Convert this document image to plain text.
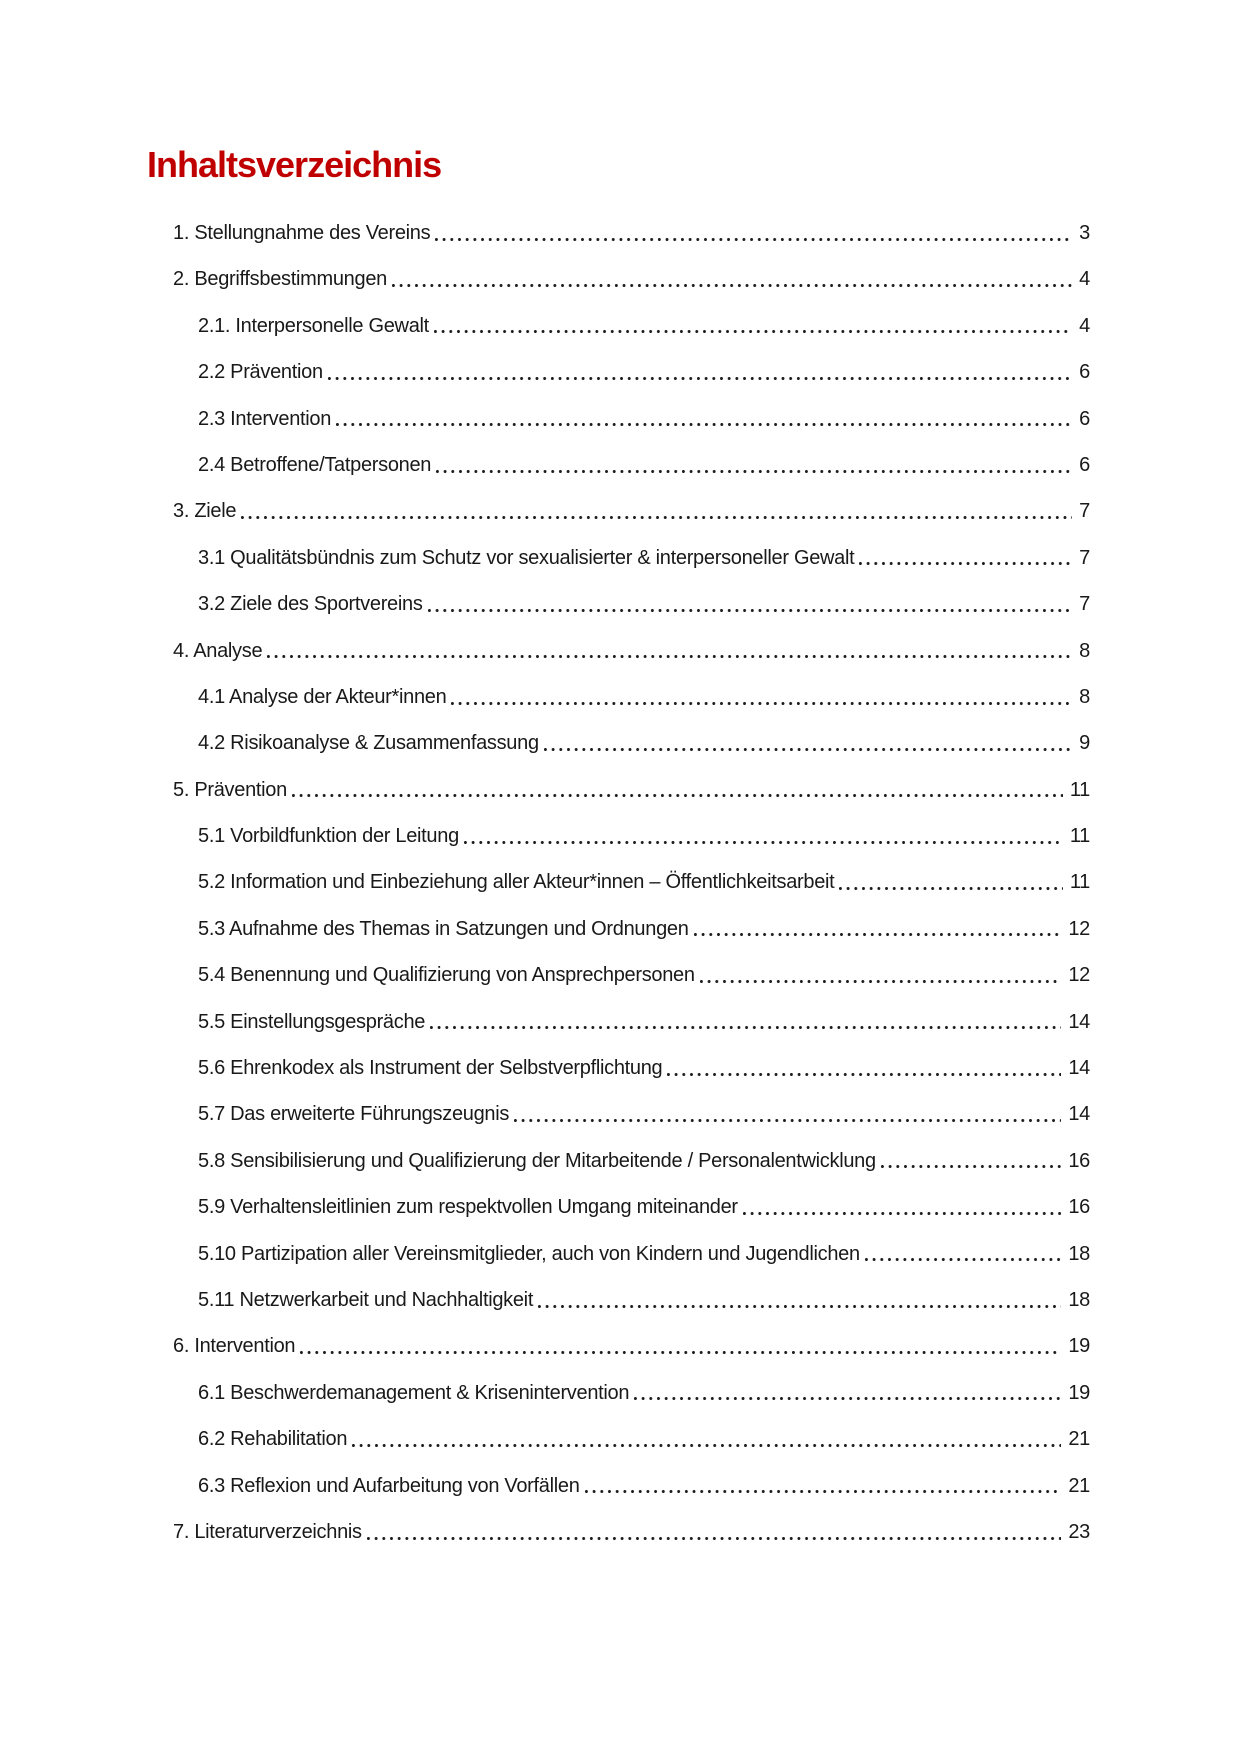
Inhaltsverzeichnis
1. Stellungnahme des Vereins	3
2. Begriffsbestimmungen	4
2.1. Interpersonelle Gewalt	4
2.2 Prävention	6
2.3 Intervention	6
2.4 Betroffene/Tatpersonen	6
3. Ziele	7
3.1 Qualitätsbündnis zum Schutz vor sexualisierter & interpersoneller Gewalt	7
3.2 Ziele des Sportvereins	7
4. Analyse	8
4.1 Analyse der Akteur*innen	8
4.2 Risikoanalyse & Zusammenfassung	9
5. Prävention	11
5.1 Vorbildfunktion der Leitung	11
5.2 Information und Einbeziehung aller Akteur*innen – Öffentlichkeitsarbeit	11
5.3 Aufnahme des Themas in Satzungen und Ordnungen	12
5.4 Benennung und Qualifizierung von Ansprechpersonen	12
5.5 Einstellungsgespräche	14
5.6 Ehrenkodex als Instrument der Selbstverpflichtung	14
5.7 Das erweiterte Führungszeugnis	14
5.8 Sensibilisierung und Qualifizierung der Mitarbeitende / Personalentwicklung	16
5.9 Verhaltensleitlinien zum respektvollen Umgang miteinander	16
5.10 Partizipation aller Vereinsmitglieder, auch von Kindern und Jugendlichen	18
5.11 Netzwerkarbeit und Nachhaltigkeit	18
6. Intervention	19
6.1 Beschwerdemanagement & Krisenintervention	19
6.2 Rehabilitation	21
6.3 Reflexion und Aufarbeitung von Vorfällen	21
7. Literaturverzeichnis	23
